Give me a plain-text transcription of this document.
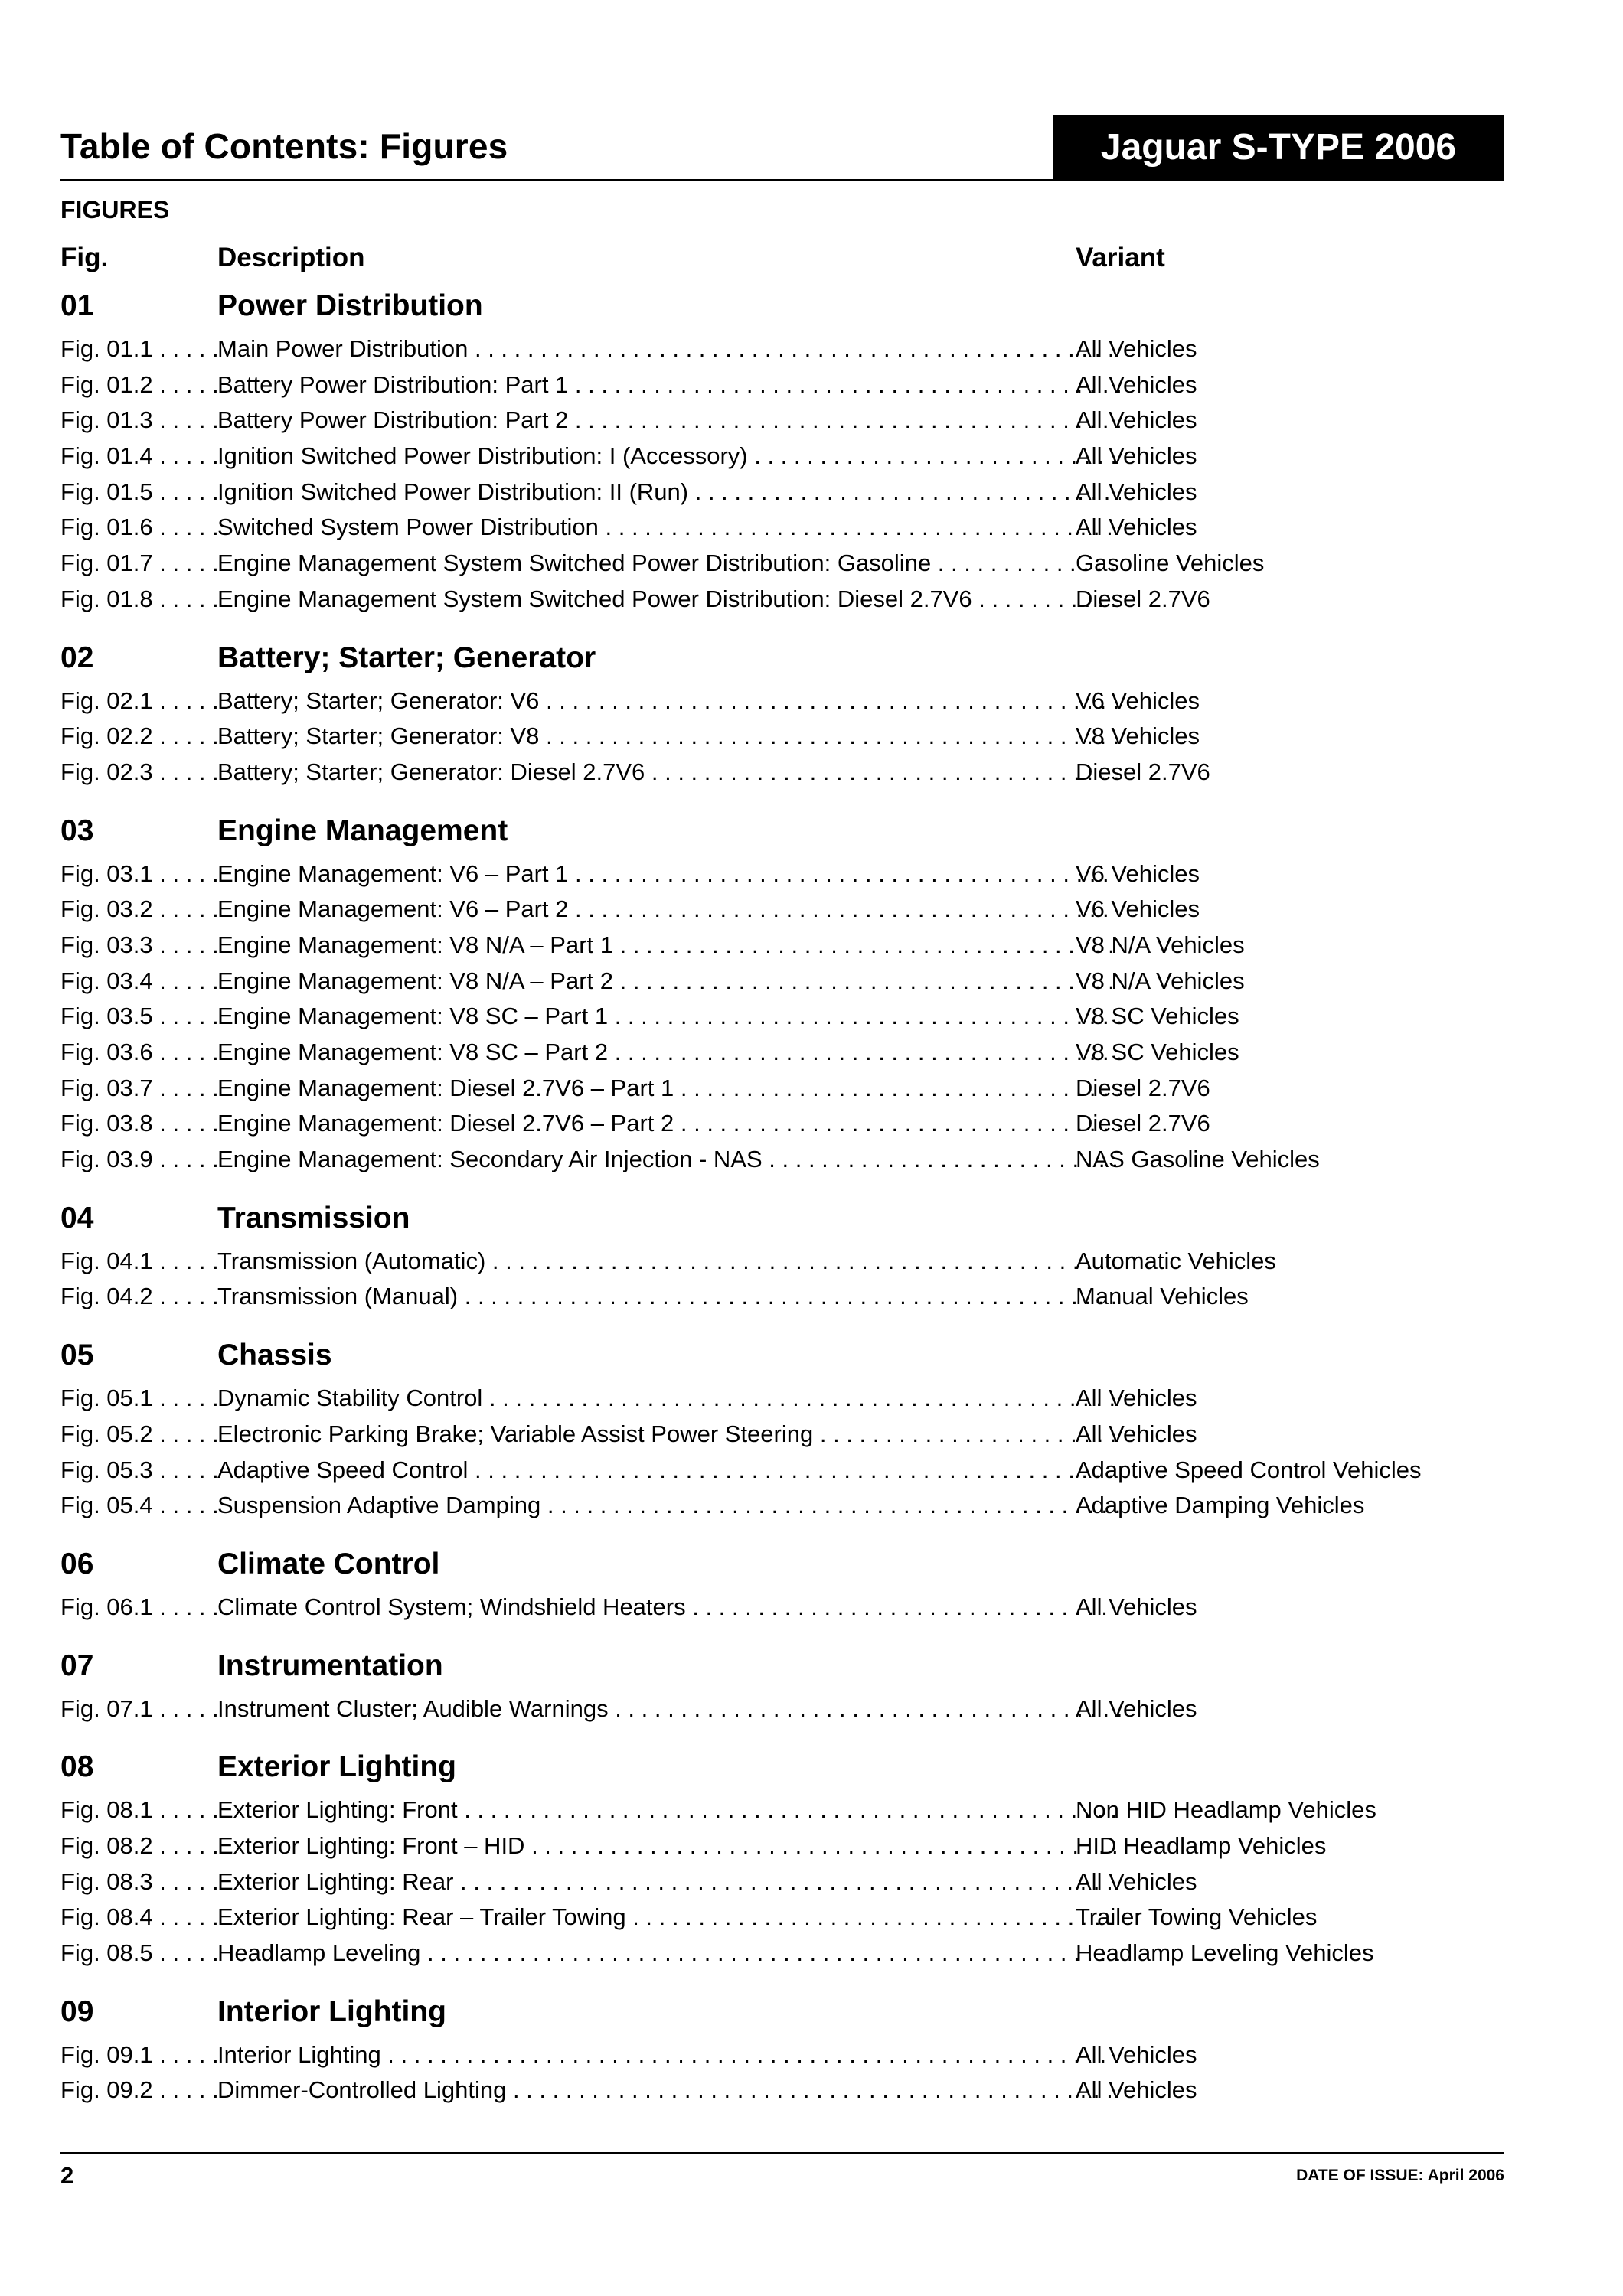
Table of Contents: Figures	Jaguar S-TYPE 2006
FIGURES
Fig.	Description	Variant
01	Power Distribution
Fig. 01.1 . . .	Main Power Distribution . . .	All Vehicles
Fig. 01.2 . . .	Battery Power Distribution: Part 1 . . .	All Vehicles
Fig. 01.3 . . .	Battery Power Distribution: Part 2 . . .	All Vehicles
Fig. 01.4 . . .	Ignition Switched Power Distribution: I (Accessory) . . .	All Vehicles
Fig. 01.5 . . .	Ignition Switched Power Distribution: II (Run) . . .	All Vehicles
Fig. 01.6 . . .	Switched System Power Distribution . . .	All Vehicles
Fig. 01.7 . . .	Engine Management System Switched Power Distribution: Gasoline . . .	Gasoline Vehicles
Fig. 01.8 . . .	Engine Management System Switched Power Distribution: Diesel 2.7V6 . . .	Diesel 2.7V6
02	Battery; Starter; Generator
Fig. 02.1 . . .	Battery; Starter; Generator: V6 . . .	V6 Vehicles
Fig. 02.2 . . .	Battery; Starter; Generator: V8 . . .	V8 Vehicles
Fig. 02.3 . . .	Battery; Starter; Generator: Diesel 2.7V6 . . .	Diesel 2.7V6
03	Engine Management
Fig. 03.1 . . .	Engine Management: V6 – Part 1 . . .	V6 Vehicles
Fig. 03.2 . . .	Engine Management: V6 – Part 2 . . .	V6 Vehicles
Fig. 03.3 . . .	Engine Management: V8 N/A – Part 1 . . .	V8 N/A Vehicles
Fig. 03.4 . . .	Engine Management: V8 N/A – Part 2 . . .	V8 N/A Vehicles
Fig. 03.5 . . .	Engine Management: V8 SC – Part 1 . . .	V8 SC Vehicles
Fig. 03.6 . . .	Engine Management: V8 SC – Part 2 . . .	V8 SC Vehicles
Fig. 03.7 . . .	Engine Management: Diesel 2.7V6 – Part 1 . . .	Diesel 2.7V6
Fig. 03.8 . . .	Engine Management: Diesel 2.7V6 – Part 2 . . .	Diesel 2.7V6
Fig. 03.9 . . .	Engine Management: Secondary Air Injection - NAS . . .	NAS Gasoline Vehicles
04	Transmission
Fig. 04.1 . . .	Transmission (Automatic) . . .	Automatic Vehicles
Fig. 04.2 . . .	Transmission (Manual) . . .	Manual Vehicles
05	Chassis
Fig. 05.1 . . .	Dynamic Stability Control . . .	All Vehicles
Fig. 05.2 . . .	Electronic Parking Brake; Variable Assist Power Steering . . .	All Vehicles
Fig. 05.3 . . .	Adaptive Speed Control . . .	Adaptive Speed Control Vehicles
Fig. 05.4 . . .	Suspension Adaptive Damping . . .	Adaptive Damping Vehicles
06	Climate Control
Fig. 06.1 . . .	Climate Control System; Windshield Heaters . . .	All Vehicles
07	Instrumentation
Fig. 07.1 . . .	Instrument Cluster; Audible Warnings . . .	All Vehicles
08	Exterior Lighting
Fig. 08.1 . . .	Exterior Lighting: Front . . .	Non HID Headlamp Vehicles
Fig. 08.2 . . .	Exterior Lighting: Front – HID . . .	HID Headlamp Vehicles
Fig. 08.3 . . .	Exterior Lighting: Rear . . .	All Vehicles
Fig. 08.4 . . .	Exterior Lighting: Rear – Trailer Towing . . .	Trailer Towing Vehicles
Fig. 08.5 . . .	Headlamp Leveling . . .	Headlamp Leveling Vehicles
09	Interior Lighting
Fig. 09.1 . . .	Interior Lighting . . .	All Vehicles
Fig. 09.2 . . .	Dimmer-Controlled Lighting . . .	All Vehicles
2	DATE OF ISSUE: April 2006
